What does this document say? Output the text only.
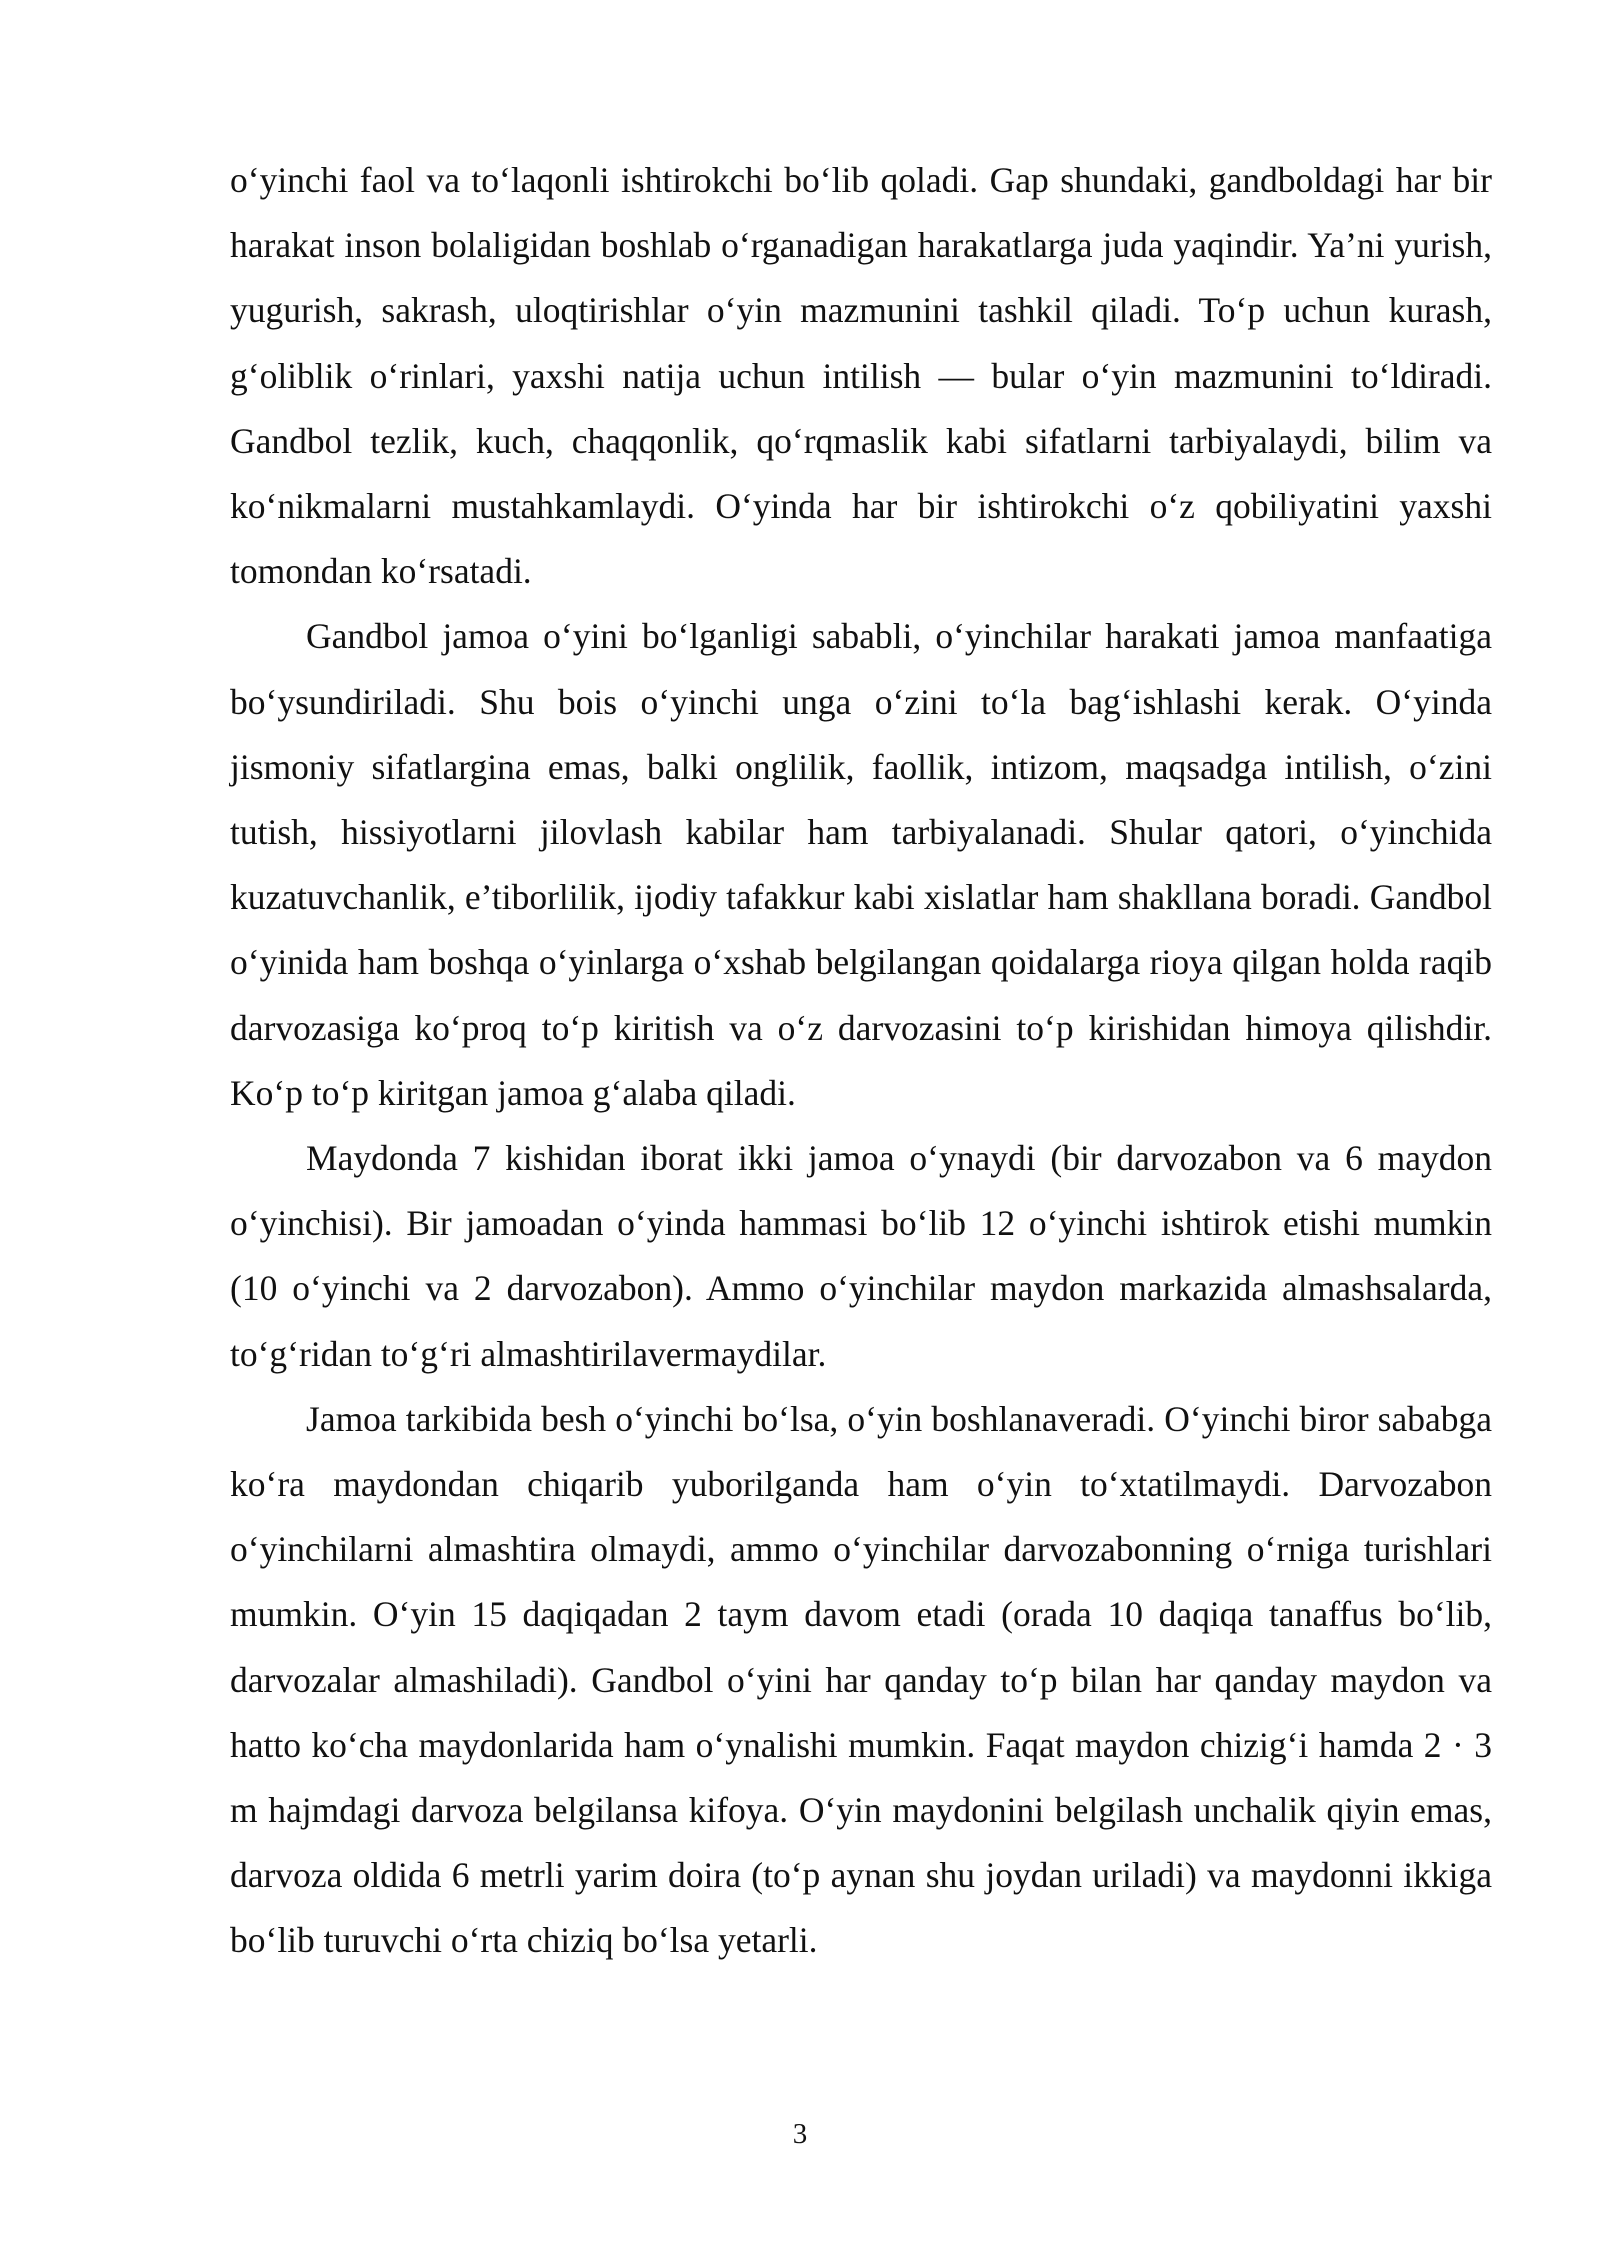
o‘yinchi faol va to‘laqonli ishtirokchi bo‘lib qoladi. Gap shundaki, gandboldagi har bir harakat inson bolaligidan boshlab o‘rganadigan harakatlarga juda yaqindir. Ya’ni yurish, yugurish, sakrash, uloqtirishlar o‘yin mazmunini tashkil qiladi. To‘p uchun kurash, g‘oliblik o‘rinlari, yaxshi natija uchun intilish — bular o‘yin mazmunini to‘ldiradi. Gandbol tezlik, kuch, chaqqonlik, qo‘rqmaslik kabi sifatlarni tarbiyalaydi, bilim va ko‘nikmalarni mustahkamlaydi. O‘yinda har bir ishtirokchi o‘z qobiliyatini yaxshi tomondan ko‘rsatadi.

Gandbol jamoa o‘yini bo‘lganligi sababli, o‘yinchilar harakati jamoa manfaatiga bo‘ysundiriladi. Shu bois o‘yinchi unga o‘zini to‘la bag‘ishlashi kerak. O‘yinda jismoniy sifatlargina emas, balki onglilik, faollik, intizom, maqsadga intilish, o‘zini tutish, hissiyotlarni jilovlash kabilar ham tarbiyalanadi. Shular qatori, o‘yinchida kuzatuvchanlik, e’tiborlilik, ijodiy tafakkur kabi xislatlar ham shakllana boradi. Gandbol o‘yinida ham boshqa o‘yinlarga o‘xshab belgilangan qoidalarga rioya qilgan holda raqib darvozasiga ko‘proq to‘p kiritish va o‘z darvozasini to‘p kirishidan himoya qilishdir. Ko‘p to‘p kiritgan jamoa g‘alaba qiladi.

Maydonda 7 kishidan iborat ikki jamoa o‘ynaydi (bir darvozabon va 6 maydon o‘yinchisi). Bir jamoadan o‘yinda hammasi bo‘lib 12 o‘yinchi ishtirok etishi mumkin (10 o‘yinchi va 2 darvozabon). Ammo o‘yinchilar maydon markazida almashsalarda, to‘g‘ridan to‘g‘ri almashtirilavermaydilar.

Jamoa tarkibida besh o‘yinchi bo‘lsa, o‘yin boshlanaveradi. O‘yinchi biror sababga ko‘ra maydondan chiqarib yuborilganda ham o‘yin to‘xtatilmaydi. Darvozabon o‘yinchilarni almashtira olmaydi, ammo o‘yinchilar darvozabonning o‘rniga turishlari mumkin. O‘yin 15 daqiqadan 2 taym davom etadi (orada 10 daqiqa tanaffus bo‘lib, darvozalar almashiladi). Gandbol o‘yini har qanday to‘p bilan har qanday maydon va hatto ko‘cha maydonlarida ham o‘ynalishi mumkin. Faqat maydon chizig‘i hamda 2 · 3 m hajmdagi darvoza belgilansa kifoya. O‘yin maydonini belgilash unchalik qiyin emas, darvoza oldida 6 metrli yarim doira (to‘p aynan shu joydan uriladi) va maydonni ikkiga bo‘lib turuvchi o‘rta chiziq bo‘lsa yetarli.

3
